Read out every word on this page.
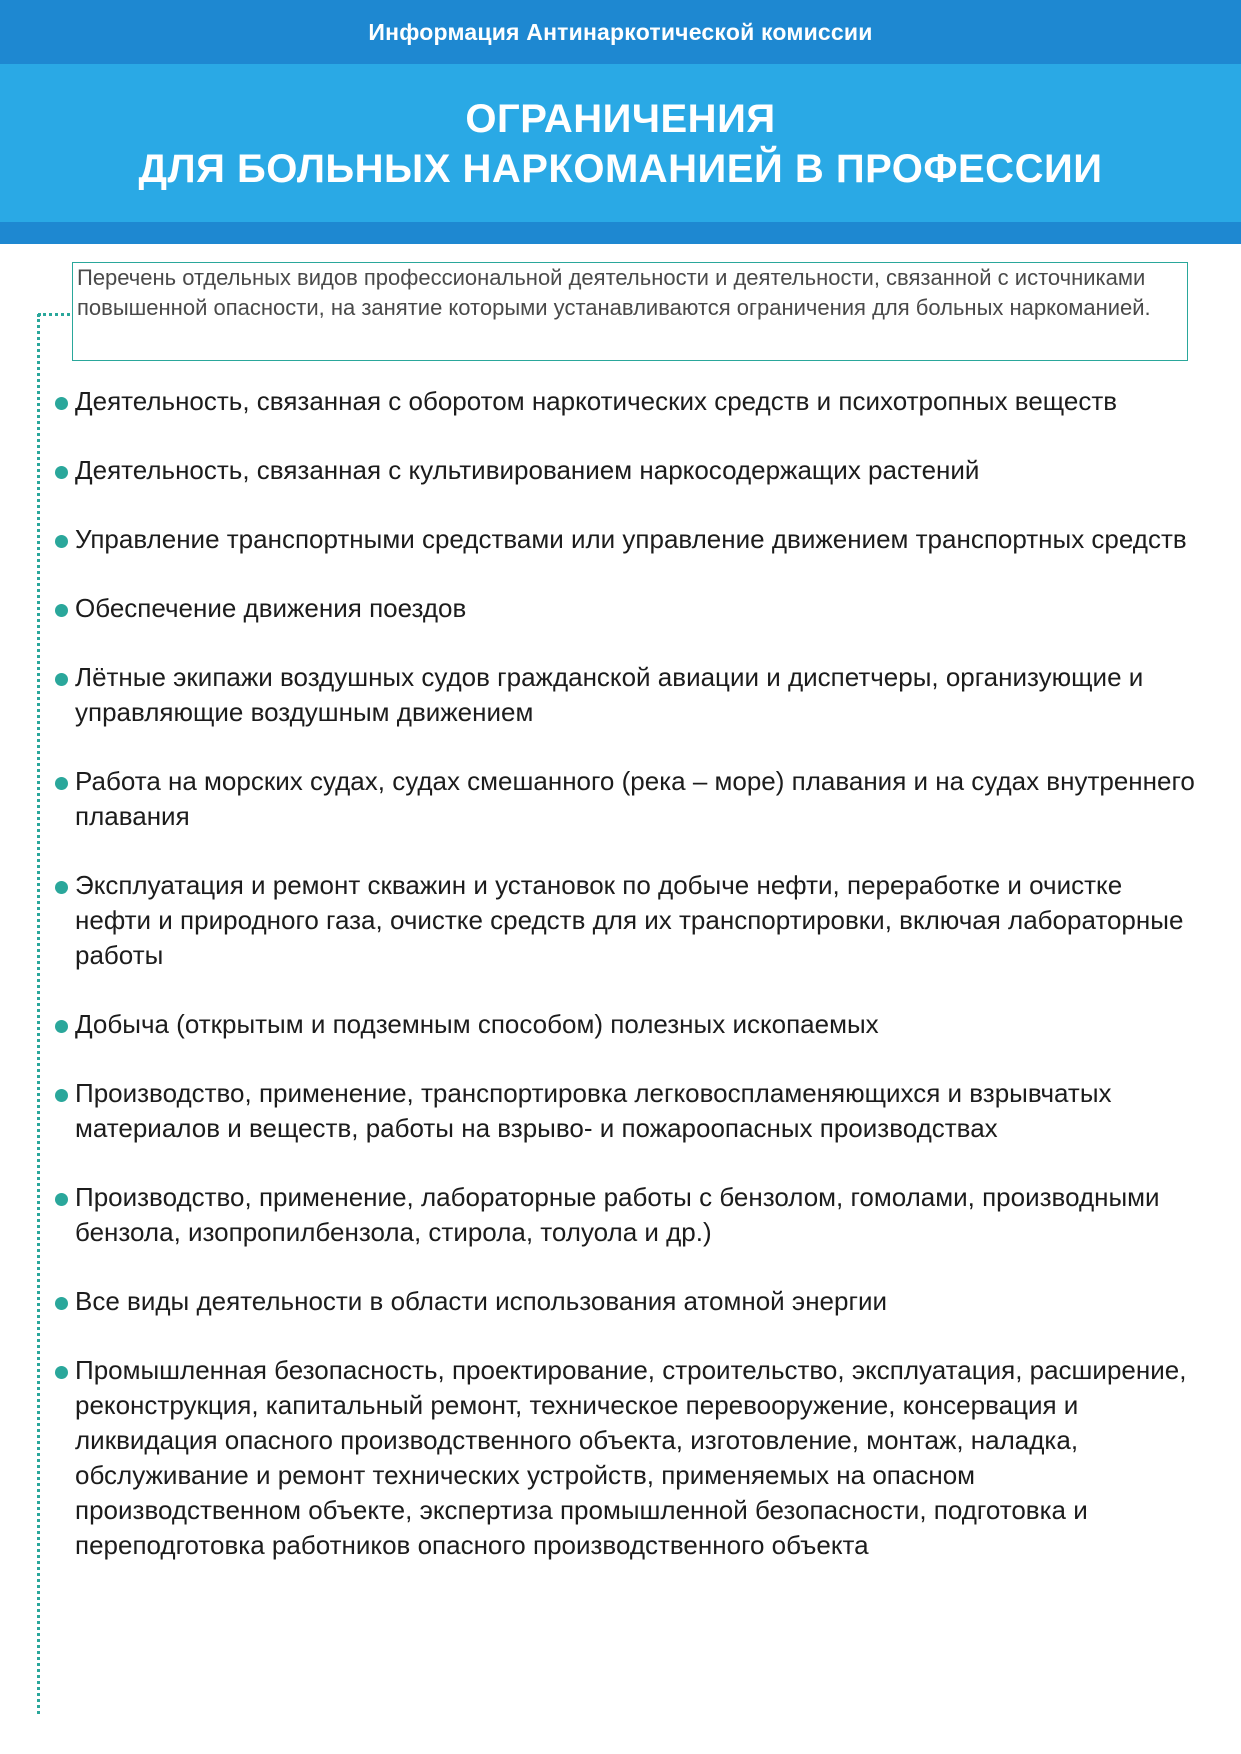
Информация Антинаркотической комиссии
ОГРАНИЧЕНИЯ
ДЛЯ БОЛЬНЫХ НАРКОМАНИЕЙ В ПРОФЕССИИ

Перечень отдельных видов профессиональной деятельности и деятельности, связанной с источниками повышенной опасности, на занятие которыми устанавливаются ограничения для больных наркоманией.

Деятельность, связанная с оборотом наркотических средств и психотропных веществ
Деятельность, связанная с культивированием наркосодержащих растений
Управление транспортными средствами или управление движением транспортных средств
Обеспечение движения поездов
Лётные экипажи воздушных судов гражданской авиации и диспетчеры, организующие и управляющие воздушным движением
Работа на морских судах, судах смешанного (река – море) плавания и на судах внутреннего плавания
Эксплуатация и ремонт скважин и установок по добыче нефти, переработке и очистке нефти и природного газа, очистке средств для их транспортировки, включая лабораторные работы
Добыча (открытым и подземным способом) полезных ископаемых
Производство, применение, транспортировка легковоспламеняющихся и взрывчатых материалов и веществ, работы на взрыво- и пожароопасных производствах
Производство, применение, лабораторные работы с бензолом, гомолами, производными бензола, изопропилбензола, стирола, толуола и др.)
Все виды деятельности в области использования атомной энергии
Промышленная безопасность, проектирование, строительство, эксплуатация, расширение, реконструкция, капитальный ремонт, техническое перевооружение, консервация и ликвидация опасного производственного объекта, изготовление, монтаж, наладка, обслуживание и ремонт технических устройств, применяемых на опасном производственном объекте, экспертиза промышленной безопасности, подготовка и переподготовка работников опасного производственного объекта
